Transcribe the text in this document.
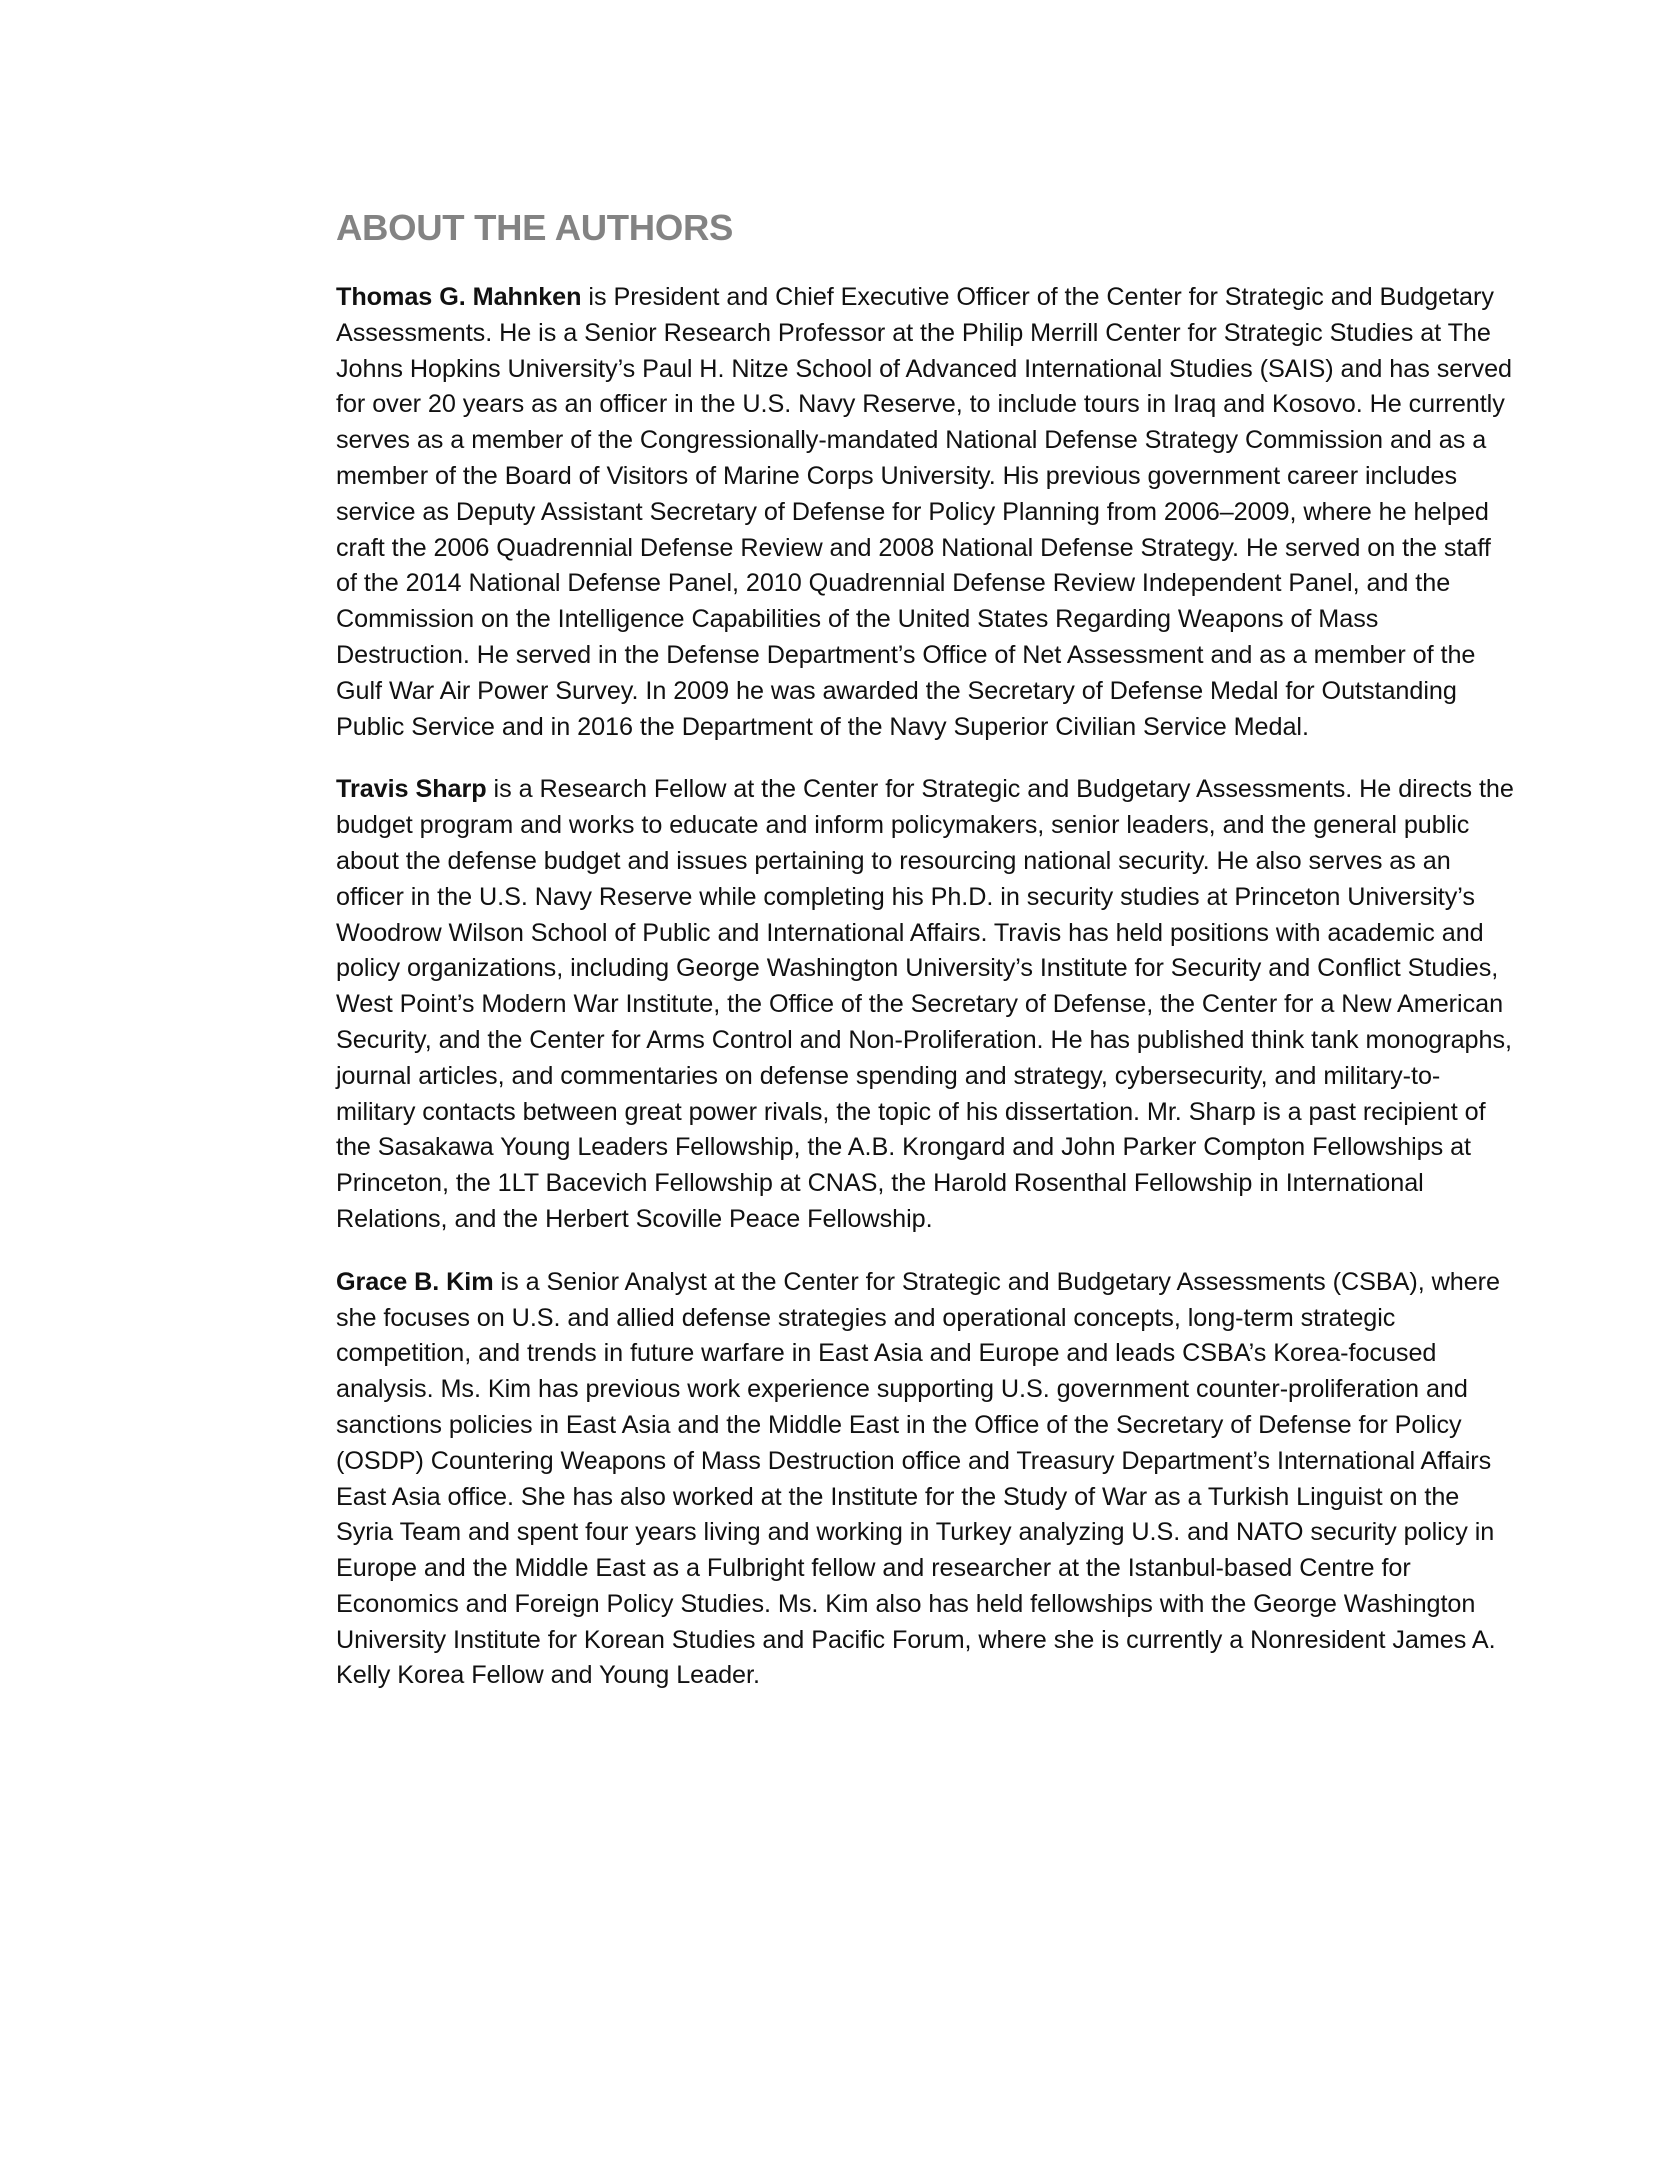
ABOUT THE AUTHORS

Thomas G. Mahnken is President and Chief Executive Officer of the Center for Strategic and Budgetary Assessments. He is a Senior Research Professor at the Philip Merrill Center for Strategic Studies at The Johns Hopkins University’s Paul H. Nitze School of Advanced International Studies (SAIS) and has served for over 20 years as an officer in the U.S. Navy Reserve, to include tours in Iraq and Kosovo. He currently serves as a member of the Congressionally-mandated National Defense Strategy Commission and as a member of the Board of Visitors of Marine Corps University. His previous government career includes service as Deputy Assistant Secretary of Defense for Policy Planning from 2006–2009, where he helped craft the 2006 Quadrennial Defense Review and 2008 National Defense Strategy. He served on the staff of the 2014 National Defense Panel, 2010 Quadrennial Defense Review Independent Panel, and the Commission on the Intelligence Capabilities of the United States Regarding Weapons of Mass Destruction. He served in the Defense Department’s Office of Net Assessment and as a member of the Gulf War Air Power Survey. In 2009 he was awarded the Secretary of Defense Medal for Outstanding Public Service and in 2016 the Department of the Navy Superior Civilian Service Medal.

Travis Sharp is a Research Fellow at the Center for Strategic and Budgetary Assessments. He directs the budget program and works to educate and inform policymakers, senior leaders, and the general public about the defense budget and issues pertaining to resourcing national security. He also serves as an officer in the U.S. Navy Reserve while completing his Ph.D. in security studies at Princeton University’s Woodrow Wilson School of Public and International Affairs. Travis has held positions with academic and policy organizations, including George Washington University’s Institute for Security and Conflict Studies, West Point’s Modern War Institute, the Office of the Secretary of Defense, the Center for a New American Security, and the Center for Arms Control and Non-Proliferation. He has published think tank monographs, journal articles, and commentaries on defense spending and strategy, cybersecurity, and military-to-military contacts between great power rivals, the topic of his dissertation. Mr. Sharp is a past recipient of the Sasakawa Young Leaders Fellowship, the A.B. Krongard and John Parker Compton Fellowships at Princeton, the 1LT Bacevich Fellowship at CNAS, the Harold Rosenthal Fellowship in International Relations, and the Herbert Scoville Peace Fellowship.

Grace B. Kim is a Senior Analyst at the Center for Strategic and Budgetary Assessments (CSBA), where she focuses on U.S. and allied defense strategies and operational concepts, long-term strategic competition, and trends in future warfare in East Asia and Europe and leads CSBA’s Korea-focused analysis. Ms. Kim has previous work experience supporting U.S. government counter-proliferation and sanctions policies in East Asia and the Middle East in the Office of the Secretary of Defense for Policy (OSDP) Countering Weapons of Mass Destruction office and Treasury Department’s International Affairs East Asia office. She has also worked at the Institute for the Study of War as a Turkish Linguist on the Syria Team and spent four years living and working in Turkey analyzing U.S. and NATO security policy in Europe and the Middle East as a Fulbright fellow and researcher at the Istanbul-based Centre for Economics and Foreign Policy Studies. Ms. Kim also has held fellowships with the George Washington University Institute for Korean Studies and Pacific Forum, where she is currently a Nonresident James A. Kelly Korea Fellow and Young Leader.
